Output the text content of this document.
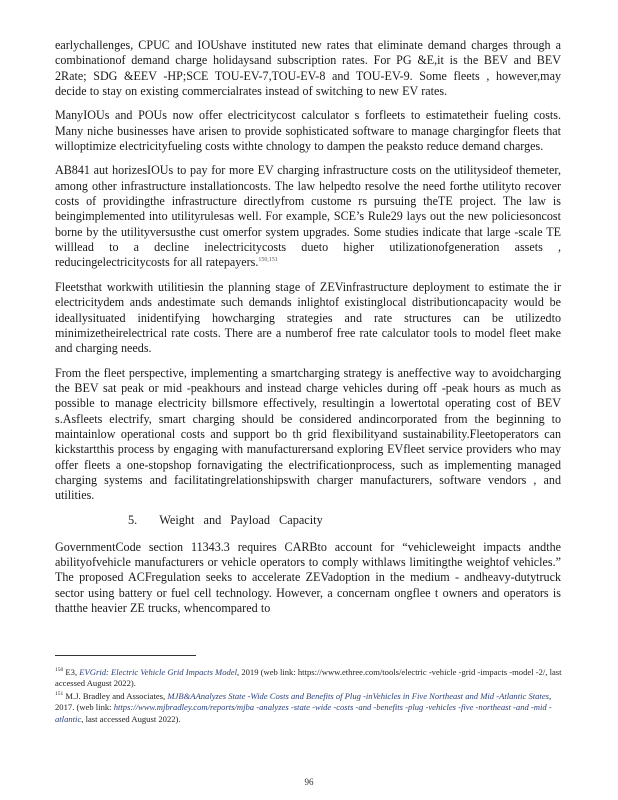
earlychallenges, CPUC and IOUshave instituted new rates that eliminate demand charges through a combinationof demand charge holidaysand subscription rates. For PG &E,it is the BEV and BEV 2Rate; SDG &EEV -HP;SCE TOU-EV-7,TOU-EV-8 and TOU-EV-9. Some fleets , however,may decide to stay on existing commercialrates instead of switching to new EV rates.

ManyIOUs and POUs now offer electricitycost calculator s forfleets to estimatetheir fueling costs. Many niche businesses have arisen to provide sophisticated software to manage chargingfor fleets that willoptimize electricityfueling costs withte chnology to dampen the peaksto reduce demand charges.

AB841 aut horizesIOUs to pay for more EV charging infrastructure costs on the utilitysideof themeter, among other infrastructure installationcosts. The law helpedto resolve the need forthe utilityto recover costs of providingthe infrastructure directlyfrom custome rs pursuing theTE project. The law is beingimplemented into utilityrulesas well. For example, SCE’s Rule29 lays out the new policiesoncost borne by the utilityversusthe cust omerfor system upgrades. Some studies indicate that large -scale TE willlead to a decline inelectricitycosts dueto higher utilizationofgeneration assets , reducingelectricitycosts for all ratepayers.$^{150,151}$

Fleetsthat workwith utilitiesin the planning stage of ZEVinfrastructure deployment to estimate the ir electricitydem ands andestimate such demands inlightof existinglocal distributioncapacity would be ideallysituated inidentifying howcharging strategies and rate structures can be utilizedto minimizetheirelectrical rate costs. There are a numberof free rate calculator tools to model fleet make and charging needs.

From the fleet perspective, implementing a smartcharging strategy is aneffective way to avoidcharging the BEV sat peak or mid -peakhours and instead charge vehicles during off -peak hours as much as possible to manage electricity billsmore effectively, resultingin a lowertotal operating cost of BEV s.Asfleets electrify, smart charging should be considered andincorporated from the beginning to maintainlow operational costs and support bo th grid flexibilityand sustainability.Fleetoperators can kickstartthis process by engaging with manufacturersand exploring EVfleet service providers who may offer fleets a one-stopshop fornavigating the electrificationprocess, such as implementing managed charging systems and facilitatingrelationshipswith charger manufacturers, software vendors , and utilities.

5. Weight and Payload Capacity

GovernmentCode section 11343.3 requires CARBto account for “vehicleweight impacts andthe abilityofvehicle manufacturers or vehicle operators to comply withlaws limitingthe weightof vehicles.” The proposed ACFregulation seeks to accelerate ZEVadoption in the medium - andheavy-dutytruck sector using battery or fuel cell technology. However, a concernam ongflee t owners and operators is thatthe heavier ZE trucks, whencompared to

$^{150}$ E3, EVGrid: Electric Vehicle Grid Impacts Model, 2019 (web link: https://www.ethree.com/tools/electric -vehicle -grid -impacts -model -2/, last accessed August 2022).

$^{151}$ M.J. Bradley and Associates, MJB&AAnalyzes State -Wide Costs and Benefits of Plug -inVehicles in Five Northeast and Mid -Atlantic States, 2017. (web link: https://www.mjbradley.com/reports/mjba -analyzes -state -wide -costs -and -benefits -plug -vehicles -five -northeast -and -mid -atlantic, last accessed August 2022).

96
